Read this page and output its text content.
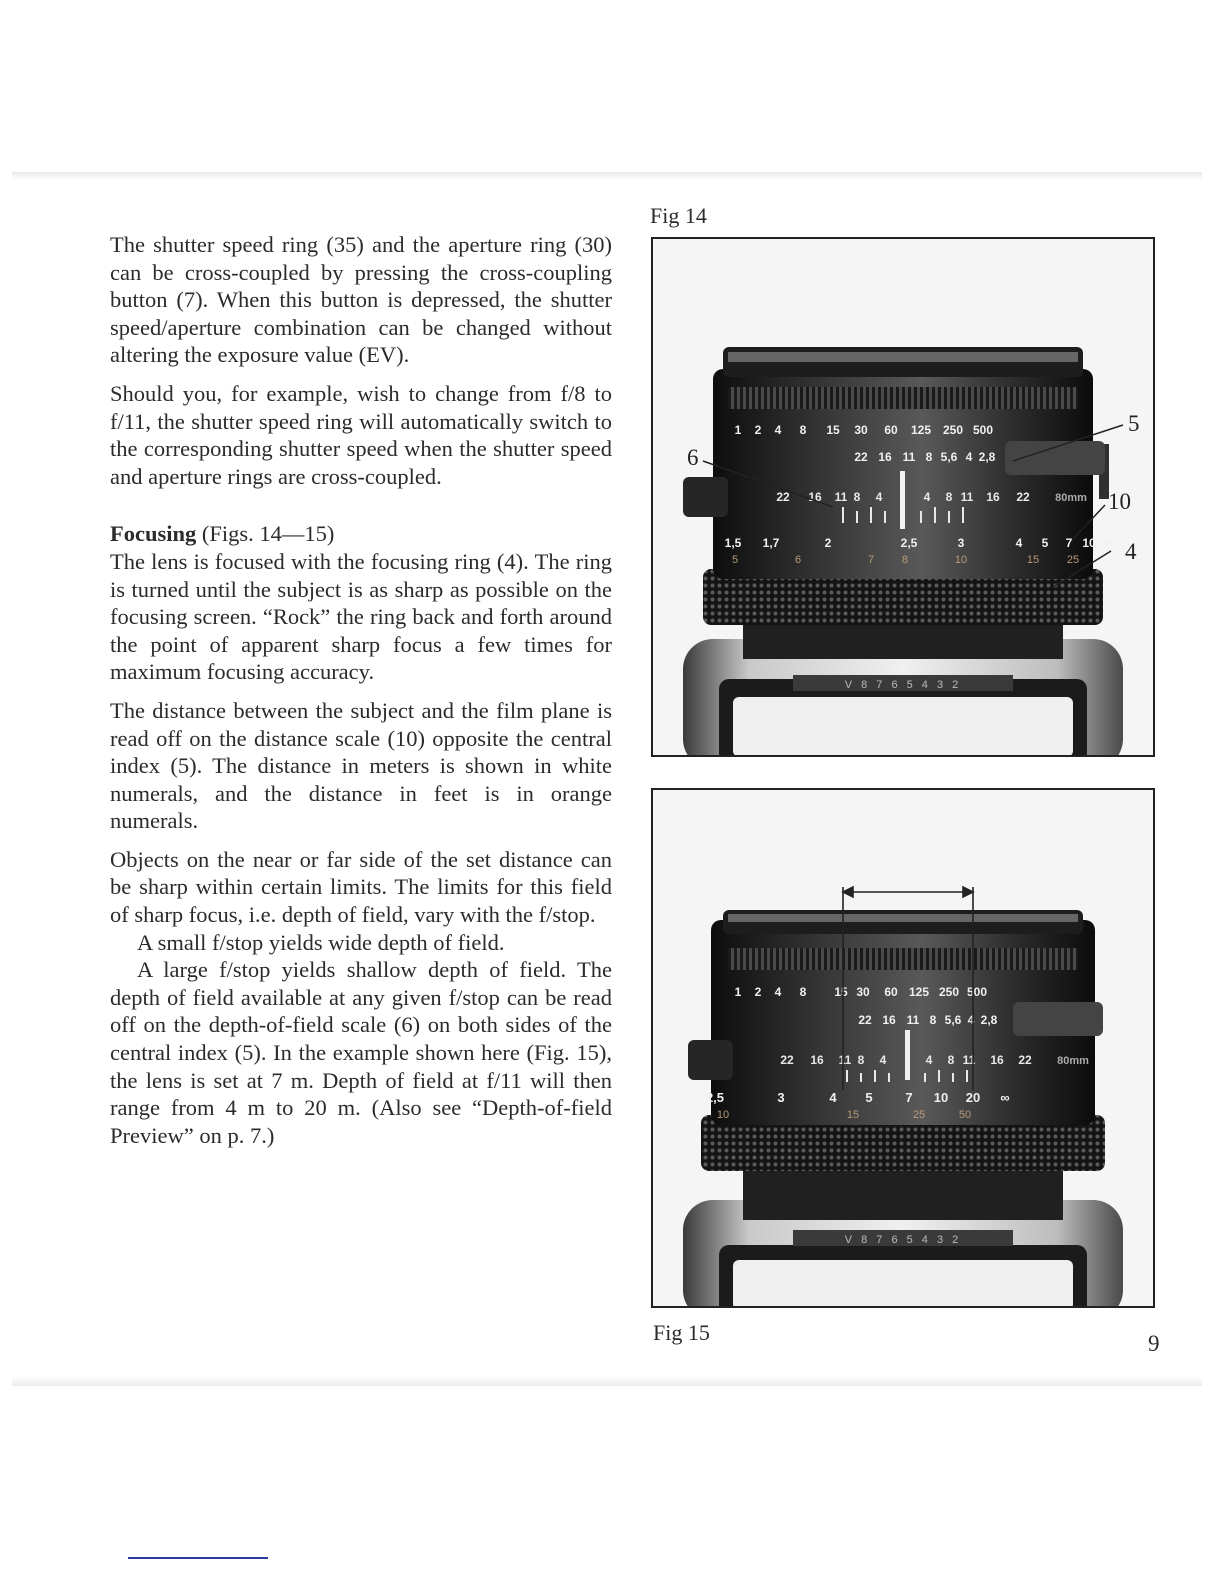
The shutter speed ring (35) and the aperture ring (30) can be cross-coupled by pressing the cross-coupling button (7). When this button is depressed, the shutter speed/aperture combination can be changed without altering the exposure value (EV).

Should you, for example, wish to change from f/8 to f/11, the shutter speed ring will automatically switch to the corresponding shutter speed when the shutter speed and aperture rings are cross-coupled.

Focusing (Figs. 14—15)

The lens is focused with the focusing ring (4). The ring is turned until the subject is as sharp as possible on the focusing screen. “Rock” the ring back and forth around the point of apparent sharp focus a few times for maximum focusing accuracy.

The distance between the subject and the film plane is read off on the distance scale (10) opposite the central index (5). The distance in meters is shown in white numerals, and the distance in feet is in orange numerals.

Objects on the near or far side of the set distance can be sharp within certain limits. The limits for this field of sharp focus, i.e. depth of field, vary with the f/stop.

A small f/stop yields wide depth of field.

A large f/stop yields shallow depth of field. The depth of field available at any given f/stop can be read off on the depth-of-field scale (6) on both sides of the central index (5). In the example shown here (Fig. 15), the lens is set at 7 m. Depth of field at f/11 will then range from 4 m to 20 m. (Also see “Depth-of-field Preview” on p. 7.)

Fig 14
V 8 7 6 5 4 3 2
1 2 4 8 15 30 60 125 250 500
22 16 11 8 5,6 4 2,8
22 16 11 8 4	4 8 11 16 22 80mm
1,5 1,7	2	2,5	3	4 5 7 10 ∞
5	6	7	8	10	15	25
6
5
10
4
V 8 7 6 5 4 3 2
1 2 4 8 15 30 60 125 250 500
22 16 11 8 5,6 4 2,8
22 16 11 8 4	4 8 11 16 22 80mm
2,5	3	4 5	7 10 20 ∞
10	15	25	50
Fig 15	9
